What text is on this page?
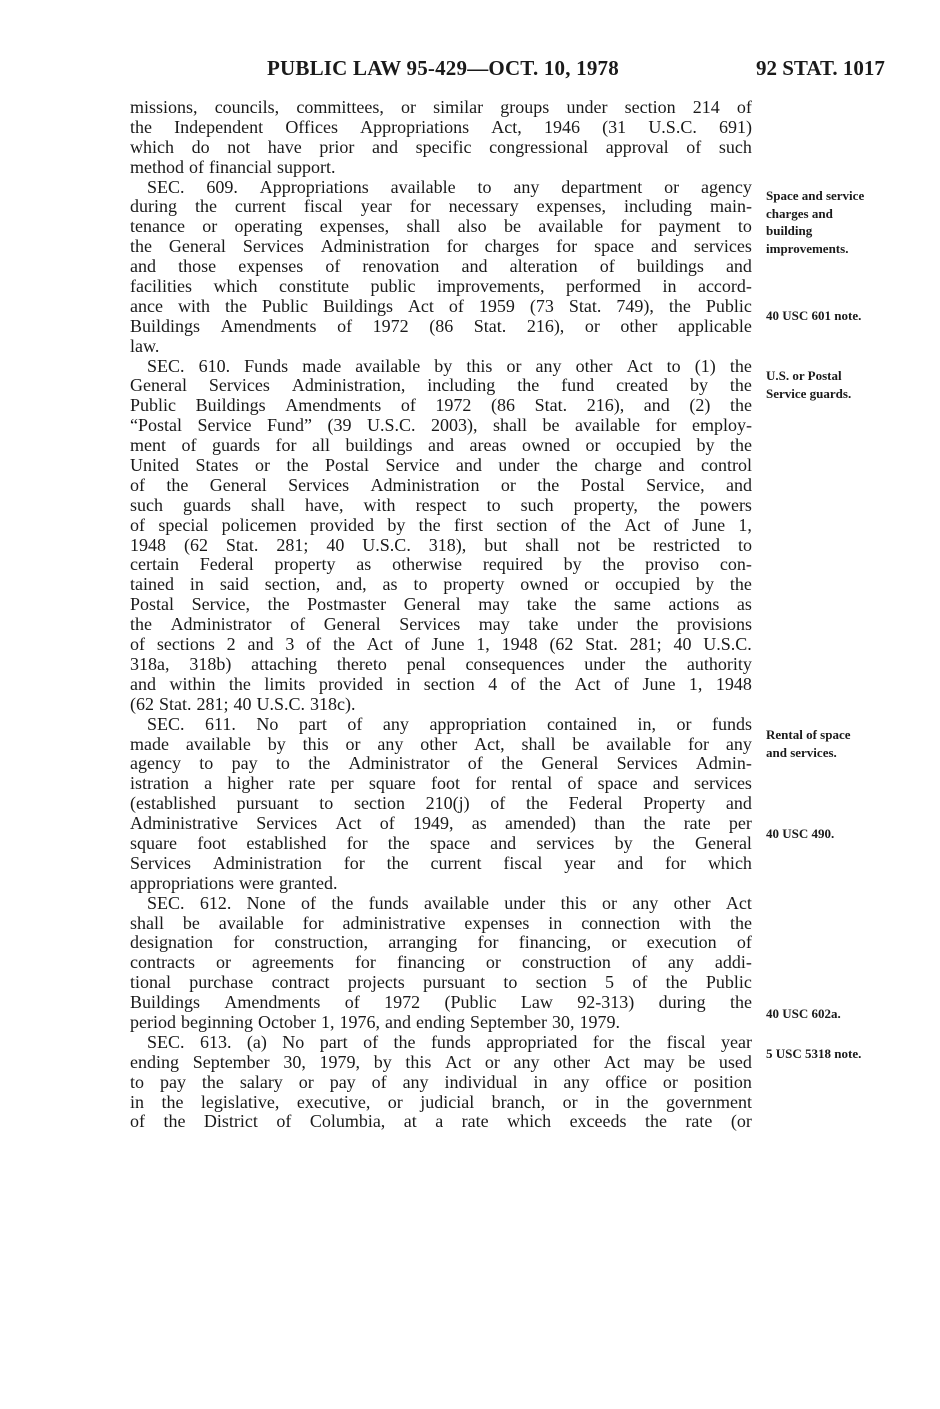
PUBLIC LAW 95-429—OCT. 10, 1978	92 STAT. 1017
missions, councils, committees, or similar groups under section 214 of
the Independent Offices Appropriations Act, 1946 (31 U.S.C. 691)
which do not have prior and specific congressional approval of such
method of financial support.
SEC. 609. Appropriations available to any department or agency
during the current fiscal year for necessary expenses, including main-
tenance or operating expenses, shall also be available for payment to
the General Services Administration for charges for space and services
and those expenses of renovation and alteration of buildings and
facilities which constitute public improvements, performed in accord-
ance with the Public Buildings Act of 1959 (73 Stat. 749), the Public
Buildings Amendments of 1972 (86 Stat. 216), or other applicable
law.
SEC. 610. Funds made available by this or any other Act to (1) the
General Services Administration, including the fund created by the
Public Buildings Amendments of 1972 (86 Stat. 216), and (2) the
“Postal Service Fund” (39 U.S.C. 2003), shall be available for employ-
ment of guards for all buildings and areas owned or occupied by the
United States or the Postal Service and under the charge and control
of the General Services Administration or the Postal Service, and
such guards shall have, with respect to such property, the powers
of special policemen provided by the first section of the Act of June 1,
1948 (62 Stat. 281; 40 U.S.C. 318), but shall not be restricted to
certain Federal property as otherwise required by the proviso con-
tained in said section, and, as to property owned or occupied by the
Postal Service, the Postmaster General may take the same actions as
the Administrator of General Services may take under the provisions
of sections 2 and 3 of the Act of June 1, 1948 (62 Stat. 281; 40 U.S.C.
318a, 318b) attaching thereto penal consequences under the authority
and within the limits provided in section 4 of the Act of June 1, 1948
(62 Stat. 281; 40 U.S.C. 318c).
SEC. 611. No part of any appropriation contained in, or funds
made available by this or any other Act, shall be available for any
agency to pay to the Administrator of the General Services Admin-
istration a higher rate per square foot for rental of space and services
(established pursuant to section 210(j) of the Federal Property and
Administrative Services Act of 1949, as amended) than the rate per
square foot established for the space and services by the General
Services Administration for the current fiscal year and for which
appropriations were granted.
SEC. 612. None of the funds available under this or any other Act
shall be available for administrative expenses in connection with the
designation for construction, arranging for financing, or execution of
contracts or agreements for financing or construction of any addi-
tional purchase contract projects pursuant to section 5 of the Public
Buildings Amendments of 1972 (Public Law 92-313) during the
period beginning October 1, 1976, and ending September 30, 1979.
SEC. 613. (a) No part of the funds appropriated for the fiscal year
ending September 30, 1979, by this Act or any other Act may be used
to pay the salary or pay of any individual in any office or position
in the legislative, executive, or judicial branch, or in the government
of the District of Columbia, at a rate which exceeds the rate (or
Space and service
charges and
building
improvements.
40 USC 601 note.
U.S. or Postal
Service guards.
Rental of space
and services.
40 USC 490.
40 USC 602a.
5 USC 5318 note.
